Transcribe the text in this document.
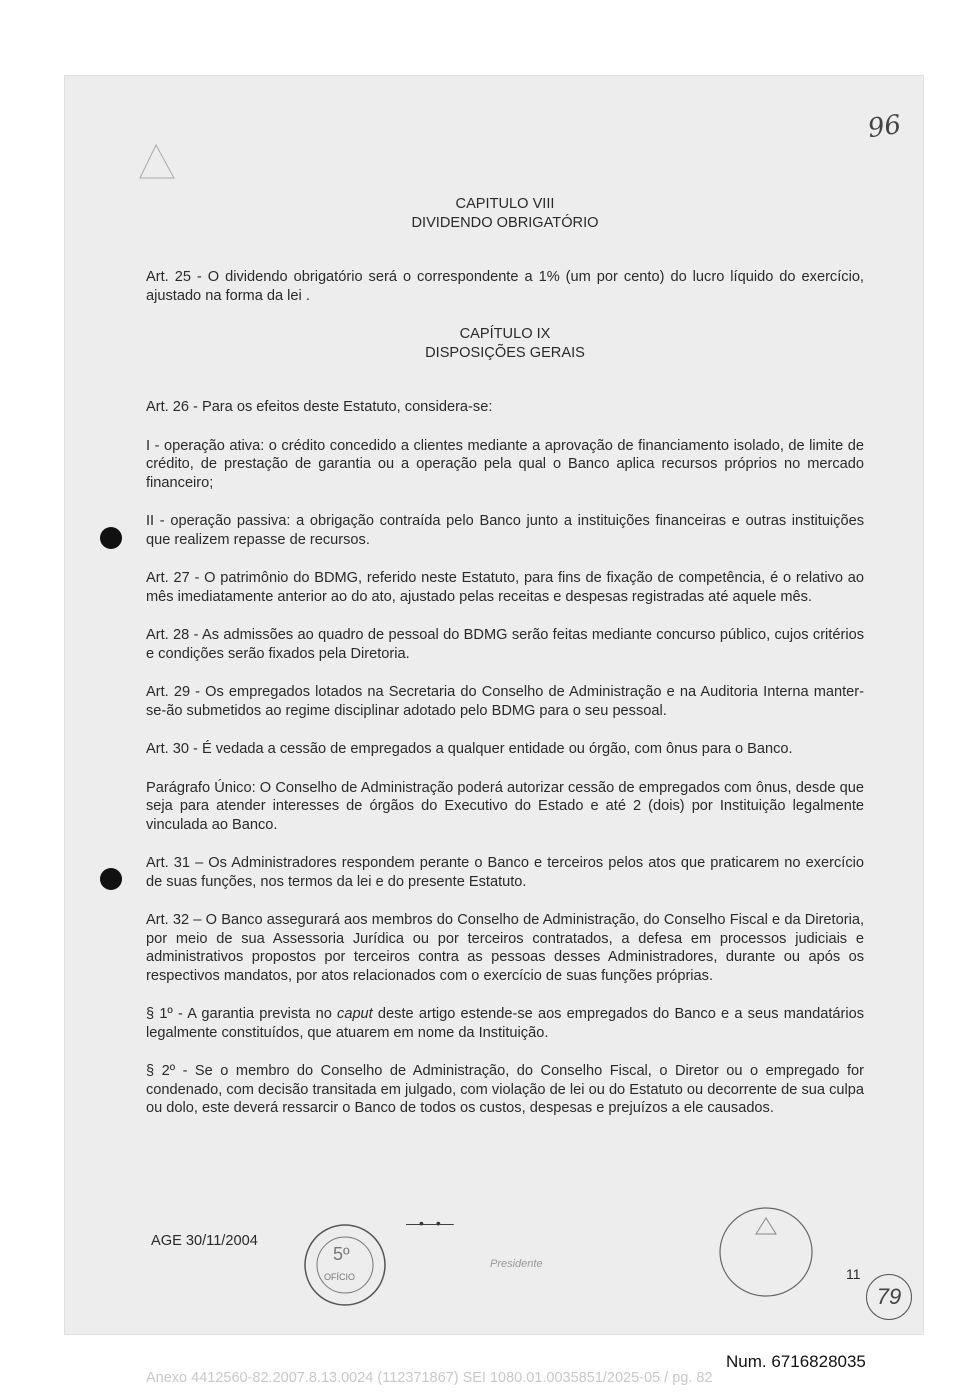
96
CAPITULO VIII
DIVIDENDO OBRIGATÓRIO

Art. 25 - O dividendo obrigatório será o correspondente a 1% (um por cento) do lucro líquido do exercício, ajustado na forma da lei .

CAPÍTULO IX
DISPOSIÇÕES GERAIS

Art. 26 - Para os efeitos deste Estatuto, considera-se:

I - operação ativa: o crédito concedido a clientes mediante a aprovação de financiamento isolado, de limite de crédito, de prestação de garantia ou a operação pela qual o Banco aplica recursos próprios no mercado financeiro;

II - operação passiva: a obrigação contraída pelo Banco junto a instituições financeiras e outras instituições que realizem repasse de recursos.

Art. 27 - O patrimônio do BDMG, referido neste Estatuto, para fins de fixação de competência, é o relativo ao mês imediatamente anterior ao do ato, ajustado pelas receitas e despesas registradas até aquele mês.

Art. 28 - As admissões ao quadro de pessoal do BDMG serão feitas mediante concurso público, cujos critérios e condições serão fixados pela Diretoria.

Art. 29 - Os empregados lotados na Secretaria do Conselho de Administração e na Auditoria Interna manter-se-ão submetidos ao regime disciplinar adotado pelo BDMG para o seu pessoal.

Art. 30 - É vedada a cessão de empregados a qualquer entidade ou órgão, com ônus para o Banco.

Parágrafo Único: O Conselho de Administração poderá autorizar cessão de empregados com ônus, desde que seja para atender interesses de órgãos do Executivo do Estado e até 2 (dois) por Instituição legalmente vinculada ao Banco.

Art. 31 – Os Administradores respondem perante o Banco e terceiros pelos atos que praticarem no exercício de suas funções, nos termos da lei e do presente Estatuto.

Art. 32 – O Banco assegurará aos membros do Conselho de Administração, do Conselho Fiscal e da Diretoria, por meio de sua Assessoria Jurídica ou por terceiros contratados, a defesa em processos judiciais e administrativos propostos por terceiros contra as pessoas desses Administradores, durante ou após os respectivos mandatos, por atos relacionados com o exercício de suas funções próprias.

§ 1º - A garantia prevista no caput deste artigo estende-se aos empregados do Banco e a seus mandatários legalmente constituídos, que atuarem em nome da Instituição.

§ 2º - Se o membro do Conselho de Administração, do Conselho Fiscal, o Diretor ou o empregado for condenado, com decisão transitada em julgado, com violação de lei ou do Estatuto ou decorrente de sua culpa ou dolo, este deverá ressarcir o Banco de todos os custos, despesas e prejuízos a ele causados.

—•—•—
AGE 30/11/2004
5º
OFÍCIO
Presidente
11
79
Num. 6716828035
Anexo 4412560-82.2007.8.13.0024 (112371867) SEI 1080.01.0035851/2025-05 / pg. 82
